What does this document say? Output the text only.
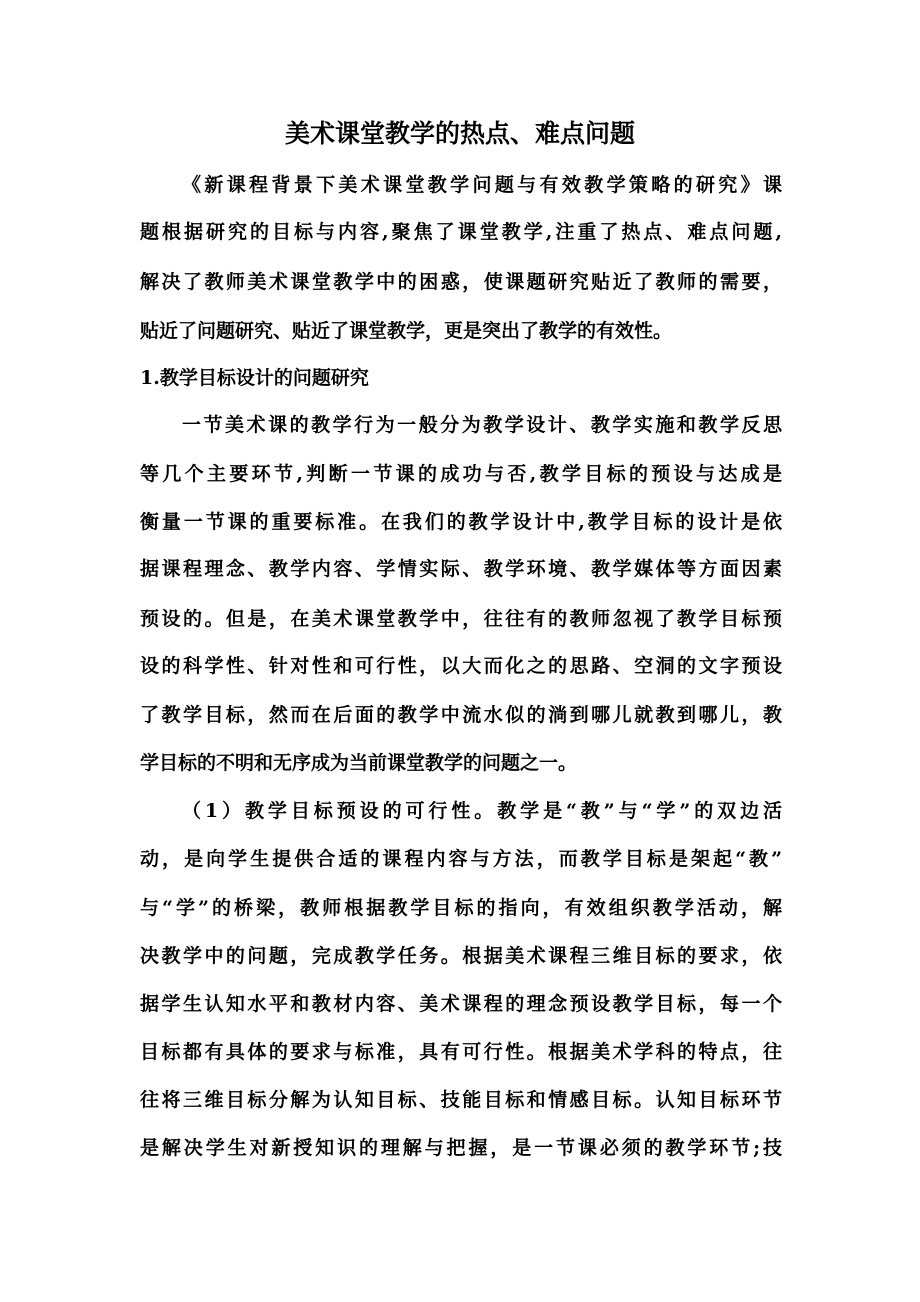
美术课堂教学的热点、难点问题
《新课程背景下美术课堂教学问题与有效教学策略的研究》课
题根据研究的目标与内容,聚焦了课堂教学,注重了热点、难点问题,
解决了教师美术课堂教学中的困惑，使课题研究贴近了教师的需要，
贴近了问题研究、贴近了课堂教学，更是突出了教学的有效性。
1.教学目标设计的问题研究
一节美术课的教学行为一般分为教学设计、教学实施和教学反思
等几个主要环节,判断一节课的成功与否,教学目标的预设与达成是
衡量一节课的重要标准。在我们的教学设计中,教学目标的设计是依
据课程理念、教学内容、学情实际、教学环境、教学媒体等方面因素
预设的。但是，在美术课堂教学中，往往有的教师忽视了教学目标预
设的科学性、针对性和可行性，以大而化之的思路、空洞的文字预设
了教学目标，然而在后面的教学中流水似的淌到哪儿就教到哪儿，教
学目标的不明和无序成为当前课堂教学的问题之一。
（1）教学目标预设的可行性。教学是“教”与“学”的双边活
动，是向学生提供合适的课程内容与方法，而教学目标是架起“教”
与“学”的桥梁，教师根据教学目标的指向，有效组织教学活动，解
决教学中的问题，完成教学任务。根据美术课程三维目标的要求，依
据学生认知水平和教材内容、美术课程的理念预设教学目标，每一个
目标都有具体的要求与标准，具有可行性。根据美术学科的特点，往
往将三维目标分解为认知目标、技能目标和情感目标。认知目标环节
是解决学生对新授知识的理解与把握，是一节课必须的教学环节;技
